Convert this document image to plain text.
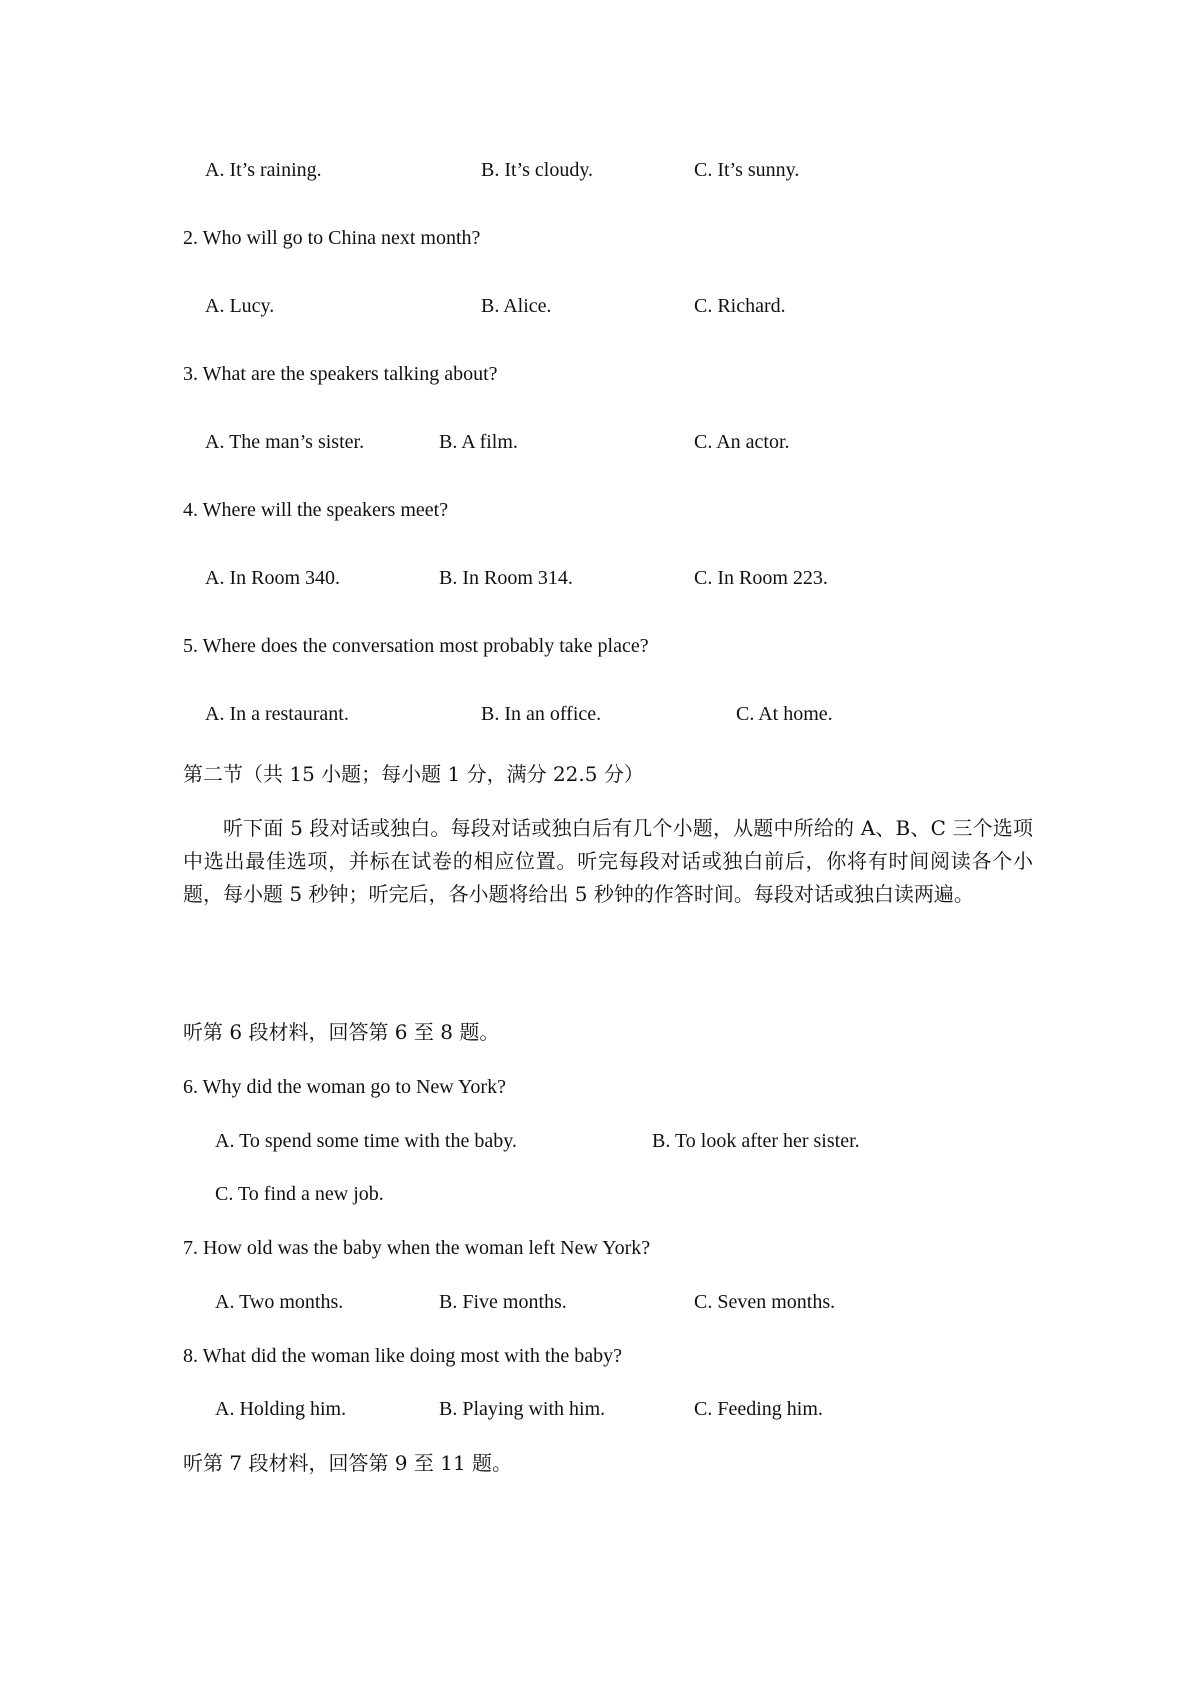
A. It’s raining.	B. It’s cloudy.	C. It’s sunny.
2. Who will go to China next month?
A. Lucy.	B. Alice.	C. Richard.
3. What are the speakers talking about?
A. The man’s sister.	B. A film.	C. An actor.
4. Where will the speakers meet?
A. In Room 340.	B. In Room 314.	C. In Room 223.
5. Where does the conversation most probably take place?
A. In a restaurant.	B. In an office.	C. At home.
第二节（共 15 小题；每小题 1 分，满分 22.5 分）
听下面 5 段对话或独白。每段对话或独白后有几个小题，从题中所给的 A、B、C 三个选项中选出最佳选项，并标在试卷的相应位置。听完每段对话或独白前后，你将有时间阅读各个小题，每小题 5 秒钟；听完后，各小题将给出 5 秒钟的作答时间。每段对话或独白读两遍。
听第 6 段材料，回答第 6 至 8 题。
6. Why did the woman go to New York?
A. To spend some time with the baby.	B. To look after her sister.
C. To find a new job.
7. How old was the baby when the woman left New York?
A. Two months.	B. Five months.	C. Seven months.
8. What did the woman like doing most with the baby?
A. Holding him.	B. Playing with him.	C. Feeding him.
听第 7 段材料，回答第 9 至 11 题。
